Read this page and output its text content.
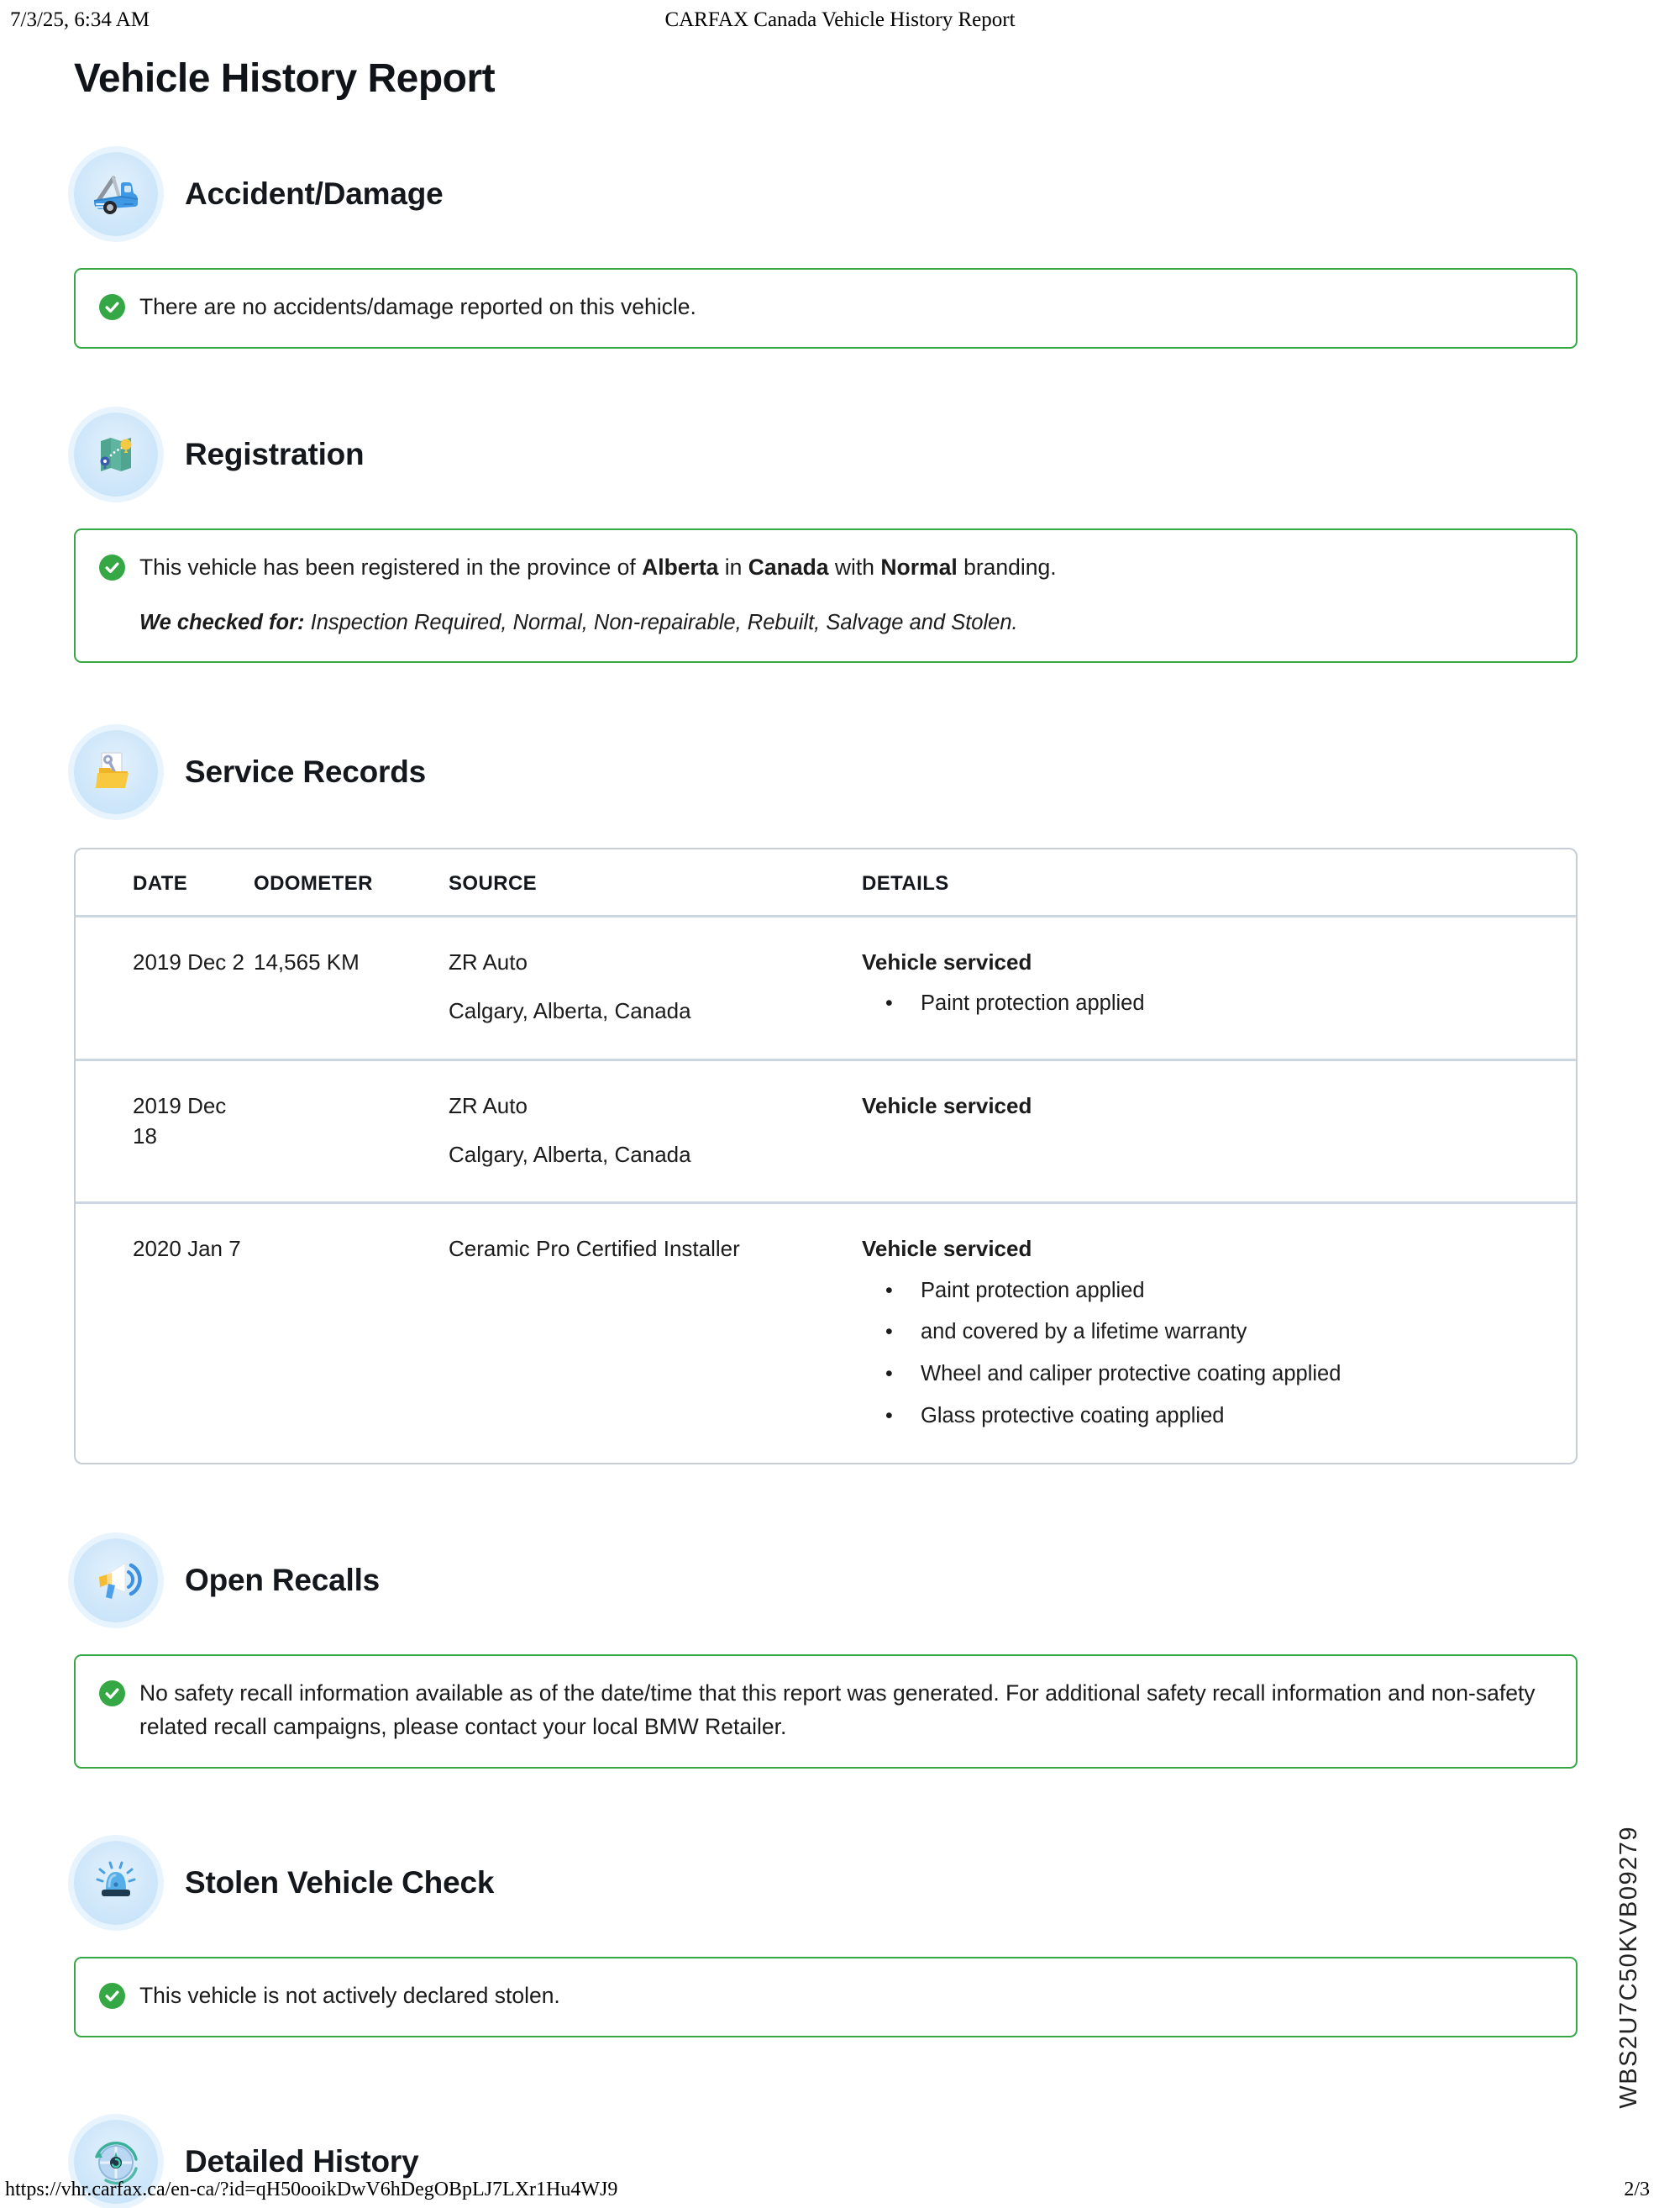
7/3/25, 6:34 AM	CARFAX Canada Vehicle History Report
Vehicle History Report
Accident/Damage
There are no accidents/damage reported on this vehicle.
Registration
This vehicle has been registered in the province of Alberta in Canada with Normal branding.
We checked for: Inspection Required, Normal, Non-repairable, Rebuilt, Salvage and Stolen.
Service Records
DATE	ODOMETER	SOURCE	DETAILS
2019 Dec 2	14,565 KM	ZR Auto
Calgary, Alberta, Canada
	Vehicle serviced
• Paint protection applied

2019 Dec 18		ZR Auto
Calgary, Alberta, Canada
	Vehicle serviced
2020 Jan 7		Ceramic Pro Certified Installer	Vehicle serviced
• Paint protection applied
• and covered by a lifetime warranty
• Wheel and caliper protective coating applied
• Glass protective coating applied
Open Recalls
No safety recall information available as of the date/time that this report was generated. For additional safety recall information and non-safety related recall campaigns, please contact your local BMW Retailer.
Stolen Vehicle Check
This vehicle is not actively declared stolen.
Detailed History
WBS2U7C50KVB09279
https://vhr.carfax.ca/en-ca/?id=qH50ooikDwV6hDegOBpLJ7LXr1Hu4WJ9	2/3
